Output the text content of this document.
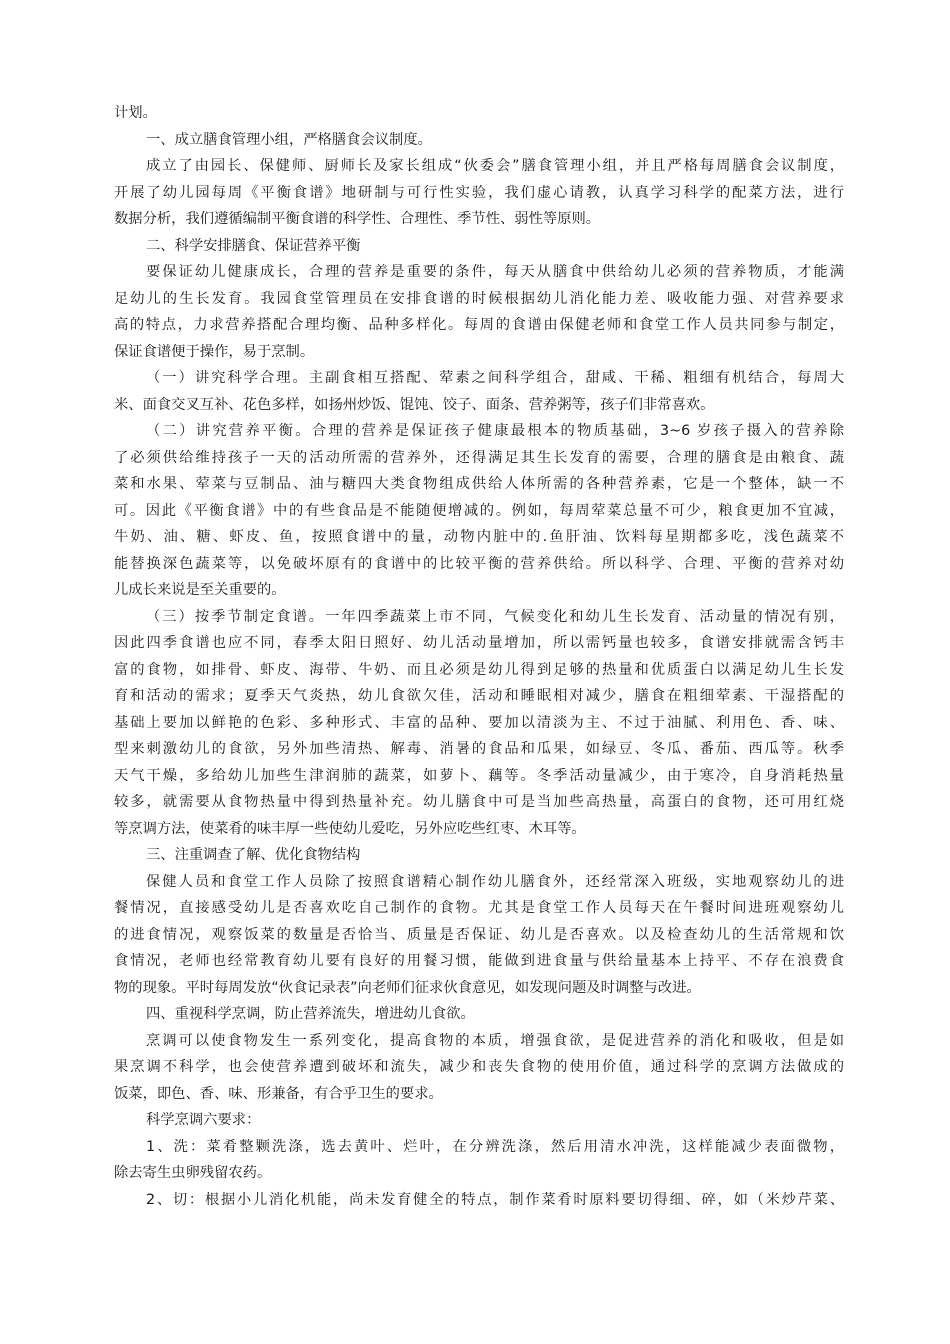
计划。
一、成立膳食管理小组，严格膳食会议制度。
成立了由园长、保健师、厨师长及家长组成“伙委会”膳食管理小组，并且严格每周膳食会议制度，
开展了幼儿园每周《平衡食谱》地研制与可行性实验，我们虚心请教，认真学习科学的配菜方法，进行
数据分析，我们遵循编制平衡食谱的科学性、合理性、季节性、弱性等原则。
二、科学安排膳食、保证营养平衡
要保证幼儿健康成长，合理的营养是重要的条件，每天从膳食中供给幼儿必须的营养物质，才能满
足幼儿的生长发育。我园食堂管理员在安排食谱的时候根据幼儿消化能力差、吸收能力强、对营养要求
高的特点，力求营养搭配合理均衡、品种多样化。每周的食谱由保健老师和食堂工作人员共同参与制定，
保证食谱便于操作，易于烹制。
（一）讲究科学合理。主副食相互搭配、荤素之间科学组合，甜咸、干稀、粗细有机结合，每周大
米、面食交叉互补、花色多样，如扬州炒饭、馄饨、饺子、面条、营养粥等，孩子们非常喜欢。
（二）讲究营养平衡。合理的营养是保证孩子健康最根本的物质基础，3~6 岁孩子摄入的营养除
了必须供给维持孩子一天的活动所需的营养外，还得满足其生长发育的需要，合理的膳食是由粮食、蔬
菜和水果、荤菜与豆制品、油与糖四大类食物组成供给人体所需的各种营养素，它是一个整体，缺一不
可。因此《平衡食谱》中的有些食品是不能随便增减的。例如，每周荤菜总量不可少，粮食更加不宜减，
牛奶、油、糖、虾皮、鱼，按照食谱中的量，动物内脏中的.鱼肝油、饮料每星期都多吃，浅色蔬菜不
能替换深色蔬菜等，以免破坏原有的食谱中的比较平衡的营养供给。所以科学、合理、平衡的营养对幼
儿成长来说是至关重要的。
（三）按季节制定食谱。一年四季蔬菜上市不同，气候变化和幼儿生长发育、活动量的情况有别，
因此四季食谱也应不同，春季太阳日照好、幼儿活动量增加，所以需钙量也较多，食谱安排就需含钙丰
富的食物，如排骨、虾皮、海带、牛奶、而且必须是幼儿得到足够的热量和优质蛋白以满足幼儿生长发
育和活动的需求；夏季天气炎热，幼儿食欲欠佳，活动和睡眠相对减少，膳食在粗细荤素、干湿搭配的
基础上要加以鲜艳的色彩、多种形式、丰富的品种、要加以清淡为主、不过于油腻、利用色、香、味、
型来刺激幼儿的食欲，另外加些清热、解毒、消暑的食品和瓜果，如绿豆、冬瓜、番茄、西瓜等。秋季
天气干燥，多给幼儿加些生津润肺的蔬菜，如萝卜、藕等。冬季活动量减少，由于寒冷，自身消耗热量
较多，就需要从食物热量中得到热量补充。幼儿膳食中可是当加些高热量，高蛋白的食物，还可用红烧
等烹调方法，使菜肴的味丰厚一些使幼儿爱吃，另外应吃些红枣、木耳等。
三、注重调查了解、优化食物结构
保健人员和食堂工作人员除了按照食谱精心制作幼儿膳食外，还经常深入班级，实地观察幼儿的进
餐情况，直接感受幼儿是否喜欢吃自己制作的食物。尤其是食堂工作人员每天在午餐时间进班观察幼儿
的进食情况，观察饭菜的数量是否恰当、质量是否保证、幼儿是否喜欢。以及检查幼儿的生活常规和饮
食情况，老师也经常教育幼儿要有良好的用餐习惯，能做到进食量与供给量基本上持平、不存在浪费食
物的现象。平时每周发放“伙食记录表”向老师们征求伙食意见，如发现问题及时调整与改进。
四、重视科学烹调，防止营养流失，增进幼儿食欲。
烹调可以使食物发生一系列变化，提高食物的本质，增强食欲，是促进营养的消化和吸收，但是如
果烹调不科学，也会使营养遭到破坏和流失，减少和丧失食物的使用价值，通过科学的烹调方法做成的
饭菜，即色、香、味、形兼备，有合乎卫生的要求。
科学烹调六要求：
1、洗：菜肴整颗洗涤，选去黄叶、烂叶，在分辨洗涤，然后用清水冲洗，这样能减少表面微物，
除去寄生虫卵残留农药。
2、切：根据小儿消化机能，尚未发育健全的特点，制作菜肴时原料要切得细、碎，如（米炒芹菜、
